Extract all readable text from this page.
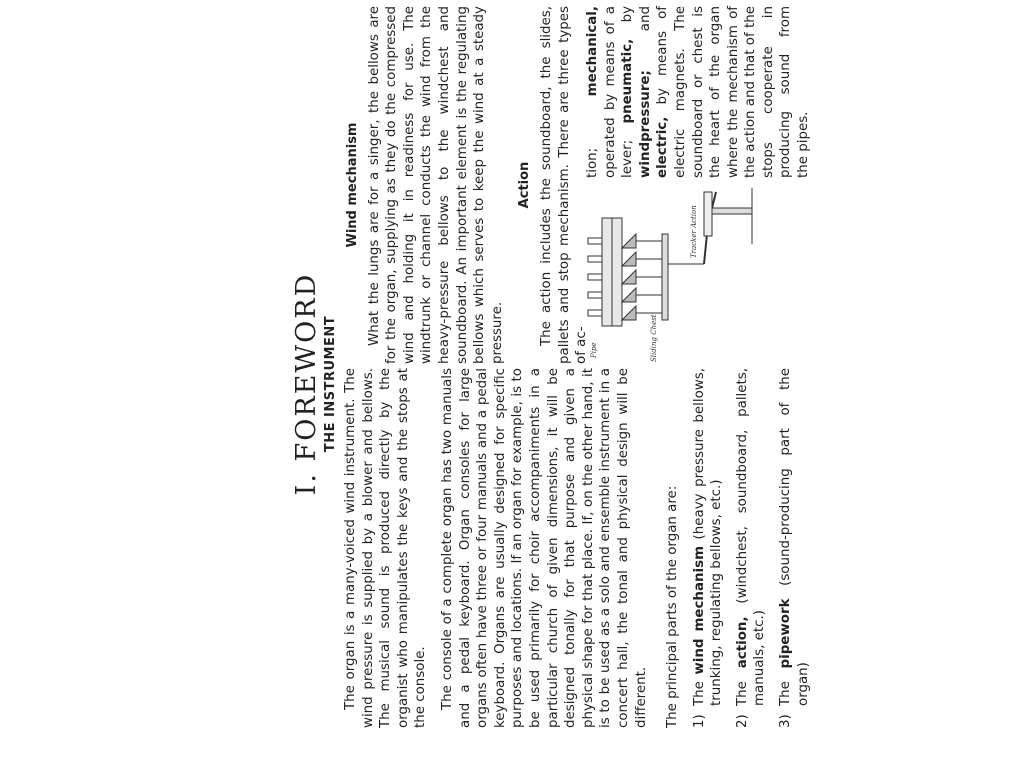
I. FOREWORD THE INSTRUMENT The organ is a many-voiced wind instrument. The wind pressure is supplied by a blower and bellows. The musical sound is produced directly by the organist who manipulates the keys and the stops at the console. The console of a complete organ has two manuals and a pedal keyboard. Organ consoles for large organs often have three or four manuals and a pedal keyboard. Organs are usually designed for specific purposes and locations. If an organ for example, is to be used primarily for choir accompaniments in a particular church of given dimensions, it will be designed tonally for that purpose and given a physical shape for that place. If, on the other hand, it is to be used as a solo and ensemble instrument in a concert hall, the tonal and physical design will be different. The principal parts of the organ are: 1)
The wind mechanism (heavy pressure bellows, trunking, regulating bellows, etc.)
2)
The action, (windchest, soundboard, pallets, manuals, etc.)
3)
The pipework (sound-producing part of the organ)
Wind mechanism What the lungs are for a singer, the bellows are for the organ, supplying as they do the compressed wind and holding it in readiness for use. The windtrunk or channel conducts the wind from the heavy-pressure bellows to the windchest and soundboard. An important element is the regulating bellows which serves to keep the wind at a steady pressure.

Action The action includes the soundboard, the slides, pallets and stop mechanism. There are three types of ac- Pipe	Sliding Chest
Tracker Action
tion; mechanical, operated by means of a lever; pneumatic, by windpressure; and electric, by means of electric magnets. The soundboard or chest is the heart of the organ where the mechanism of the action and that of the stops cooperate in producing sound from the pipes.
